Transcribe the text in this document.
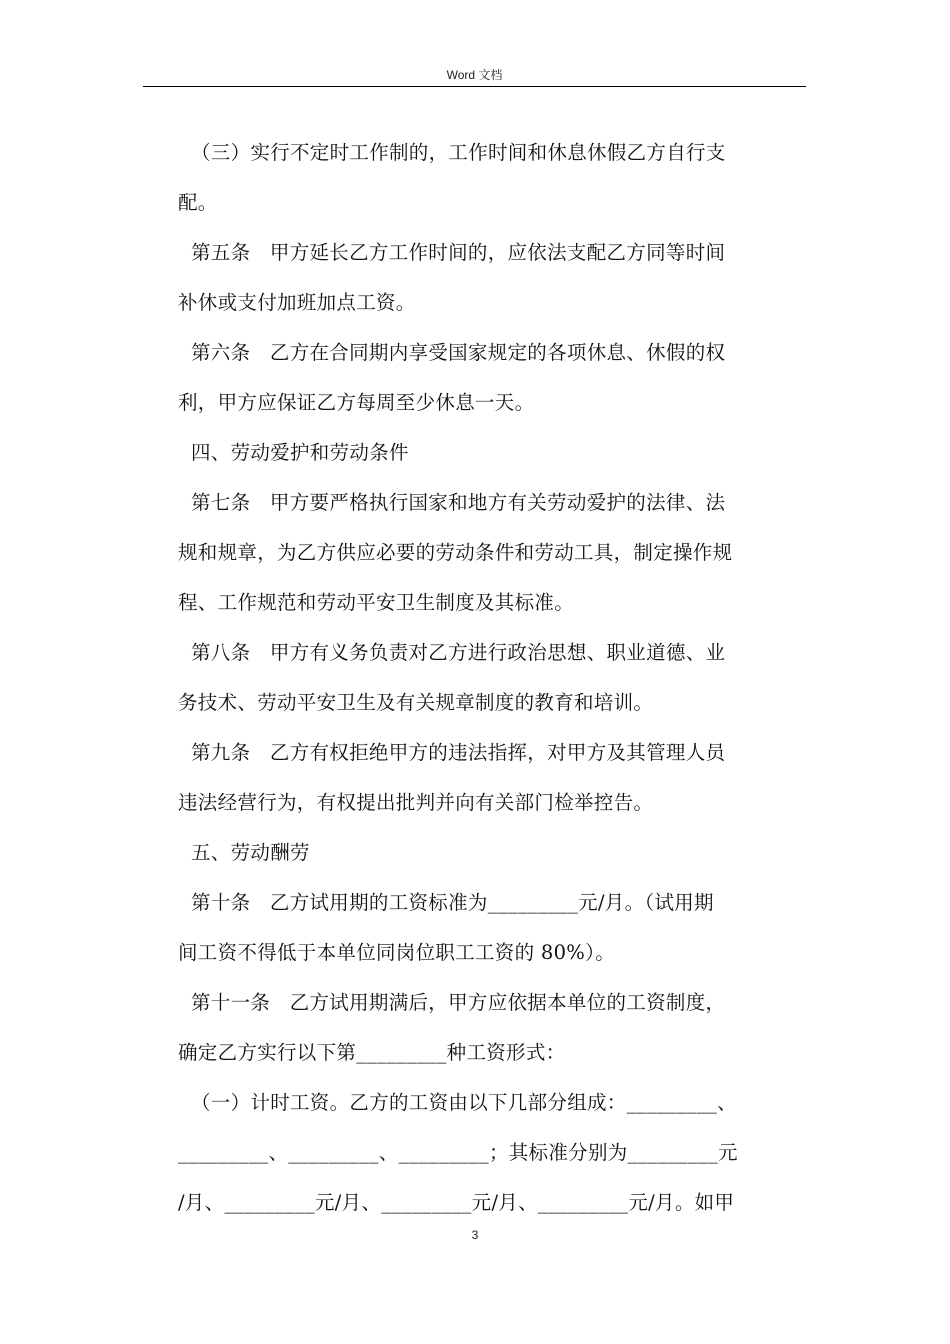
Word 文档
（三）实行不定时工作制的，工作时间和休息休假乙方自行支
配。
第五条   甲方延长乙方工作时间的，应依法支配乙方同等时间
补休或支付加班加点工资。
第六条   乙方在合同期内享受国家规定的各项休息、休假的权
利，甲方应保证乙方每周至少休息一天。
四、劳动爱护和劳动条件
第七条   甲方要严格执行国家和地方有关劳动爱护的法律、法
规和规章，为乙方供应必要的劳动条件和劳动工具，制定操作规
程、工作规范和劳动平安卫生制度及其标准。
第八条   甲方有义务负责对乙方进行政治思想、职业道德、业
务技术、劳动平安卫生及有关规章制度的教育和培训。
第九条   乙方有权拒绝甲方的违法指挥，对甲方及其管理人员
违法经营行为，有权提出批判并向有关部门检举控告。
五、劳动酬劳
第十条   乙方试用期的工资标准为_________元/月。（试用期
间工资不得低于本单位同岗位职工工资的 80%）。
第十一条   乙方试用期满后，甲方应依据本单位的工资制度，
确定乙方实行以下第_________种工资形式：
（一）计时工资。乙方的工资由以下几部分组成：_________、
_________、_________、_________；其标准分别为_________元
/月、_________元/月、_________元/月、_________元/月。如甲
3
